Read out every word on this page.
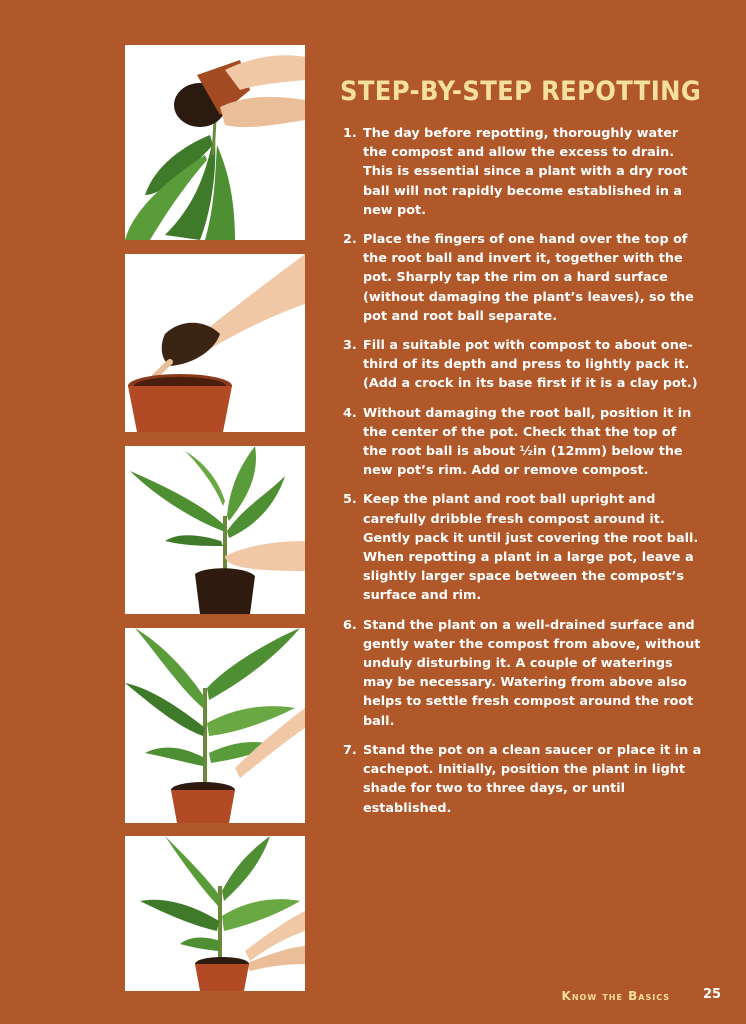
STEP-BY-STEP REPOTTING
1. The day before repotting, thoroughly water the compost and allow the excess to drain. This is essential since a plant with a dry root ball will not rapidly become established in a new pot.
2. Place the fingers of one hand over the top of the root ball and invert it, together with the pot. Sharply tap the rim on a hard surface (without damaging the plant’s leaves), so the pot and root ball separate.
3. Fill a suitable pot with compost to about one-third of its depth and press to lightly pack it. (Add a crock in its base first if it is a clay pot.)
4. Without damaging the root ball, position it in the center of the pot. Check that the top of the root ball is about ½in (12mm) below the new pot’s rim. Add or remove compost.
5. Keep the plant and root ball upright and carefully dribble fresh compost around it. Gently pack it until just covering the root ball. When repotting a plant in a large pot, leave a slightly larger space between the compost’s surface and rim.
6. Stand the plant on a well-drained surface and gently water the compost from above, without unduly disturbing it. A couple of waterings may be necessary. Watering from above also helps to settle fresh compost around the root ball.
7. Stand the pot on a clean saucer or place it in a cachepot. Initially, position the plant in light shade for two to three days, or until established.
Know the Basics	25
